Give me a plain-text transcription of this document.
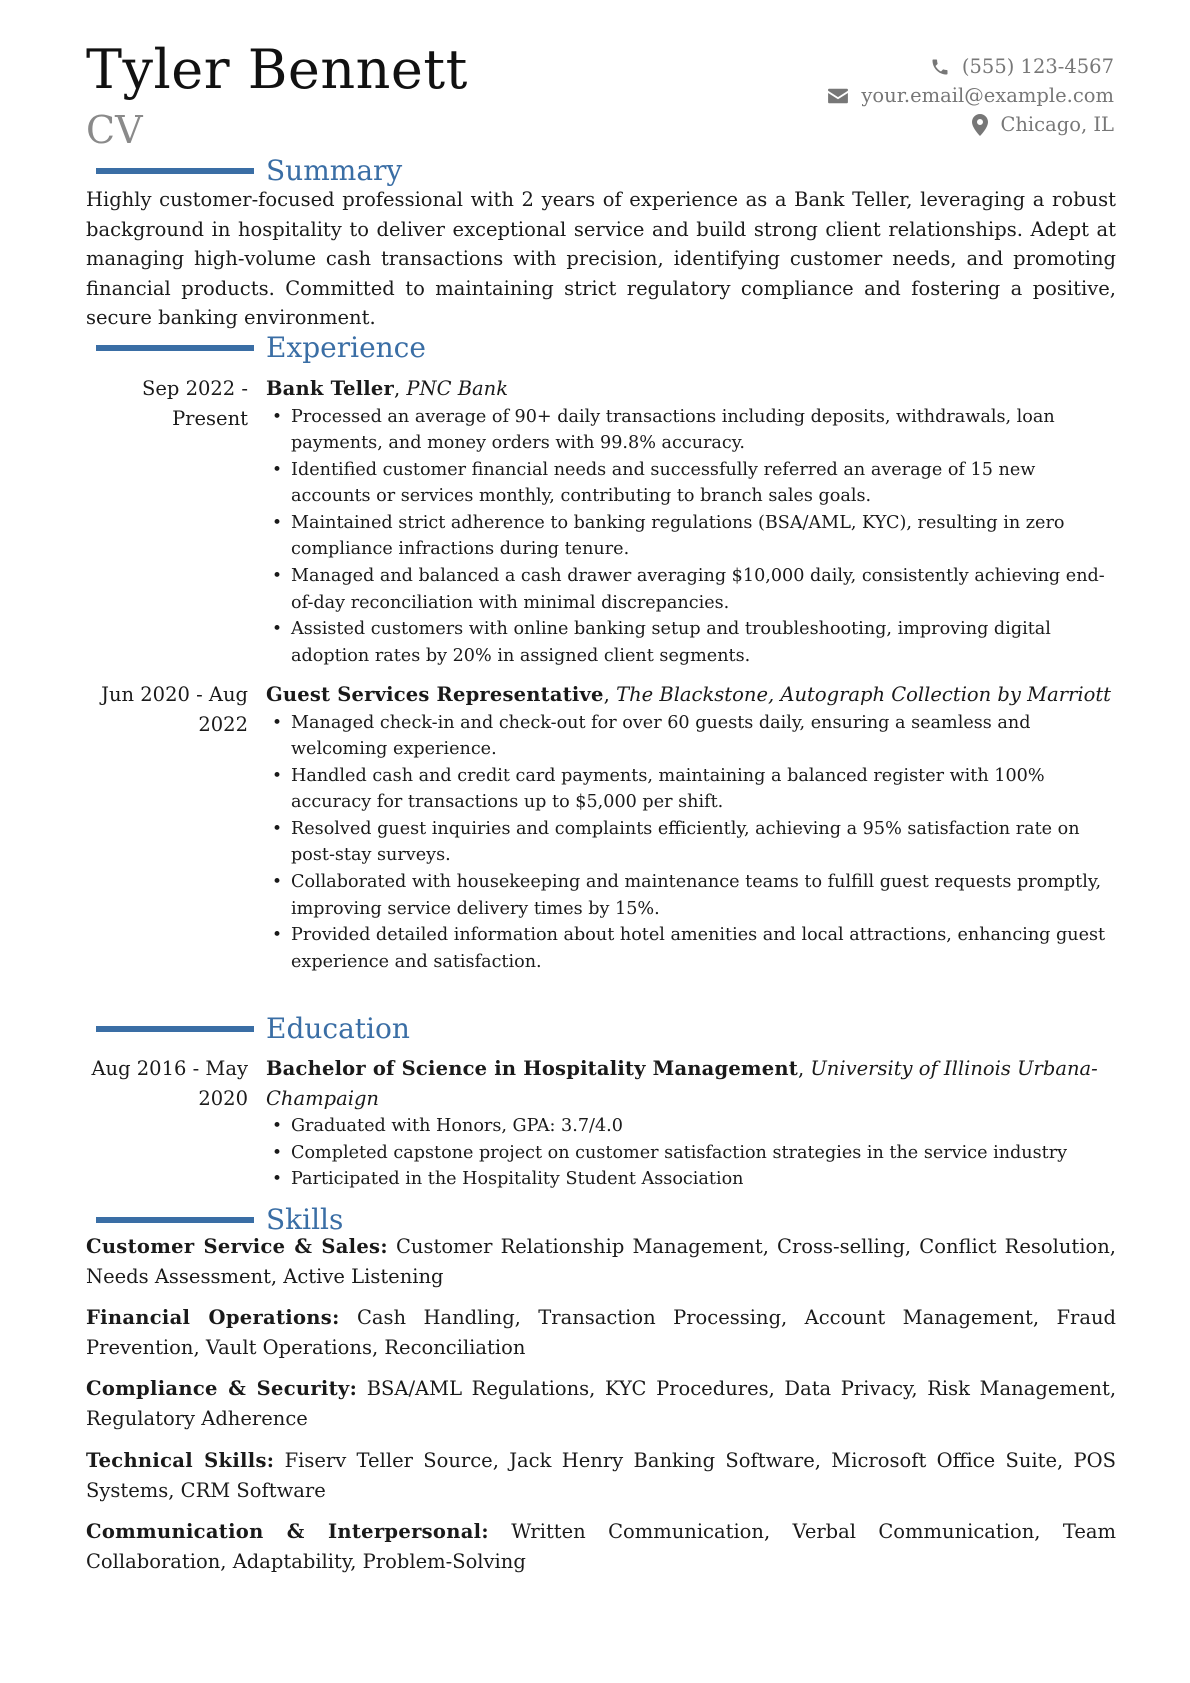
Tyler Bennett
CV
(555) 123-4567
your.email@example.com
Chicago, IL
Summary
Highly customer-focused professional with 2 years of experience as a Bank Teller, leveraging a robust background in hospitality to deliver exceptional service and build strong client relationships. Adept at managing high-volume cash transactions with precision, identifying customer needs, and promoting financial products. Committed to maintaining strict regulatory compliance and fostering a positive, secure banking environment.
Experience
Sep 2022 - Present
Bank Teller, PNC Bank
• Processed an average of 90+ daily transactions including deposits, withdrawals, loan payments, and money orders with 99.8% accuracy.
• Identified customer financial needs and successfully referred an average of 15 new accounts or services monthly, contributing to branch sales goals.
• Maintained strict adherence to banking regulations (BSA/AML, KYC), resulting in zero compliance infractions during tenure.
• Managed and balanced a cash drawer averaging $10,000 daily, consistently achieving end-of-day reconciliation with minimal discrepancies.
• Assisted customers with online banking setup and troubleshooting, improving digital adoption rates by 20% in assigned client segments.
Jun 2020 - Aug 2022
Guest Services Representative, The Blackstone, Autograph Collection by Marriott
• Managed check-in and check-out for over 60 guests daily, ensuring a seamless and welcoming experience.
• Handled cash and credit card payments, maintaining a balanced register with 100% accuracy for transactions up to $5,000 per shift.
• Resolved guest inquiries and complaints efficiently, achieving a 95% satisfaction rate on post-stay surveys.
• Collaborated with housekeeping and maintenance teams to fulfill guest requests promptly, improving service delivery times by 15%.
• Provided detailed information about hotel amenities and local attractions, enhancing guest experience and satisfaction.
Education
Aug 2016 - May 2020
Bachelor of Science in Hospitality Management, University of Illinois Urbana-Champaign
• Graduated with Honors, GPA: 3.7/4.0
• Completed capstone project on customer satisfaction strategies in the service industry
• Participated in the Hospitality Student Association
Skills
Customer Service & Sales: Customer Relationship Management, Cross-selling, Conflict Resolution, Needs Assessment, Active Listening
Financial Operations: Cash Handling, Transaction Processing, Account Management, Fraud Prevention, Vault Operations, Reconciliation
Compliance & Security: BSA/AML Regulations, KYC Procedures, Data Privacy, Risk Management, Regulatory Adherence
Technical Skills: Fiserv Teller Source, Jack Henry Banking Software, Microsoft Office Suite, POS Systems, CRM Software
Communication & Interpersonal: Written Communication, Verbal Communication, Team Collaboration, Adaptability, Problem-Solving
